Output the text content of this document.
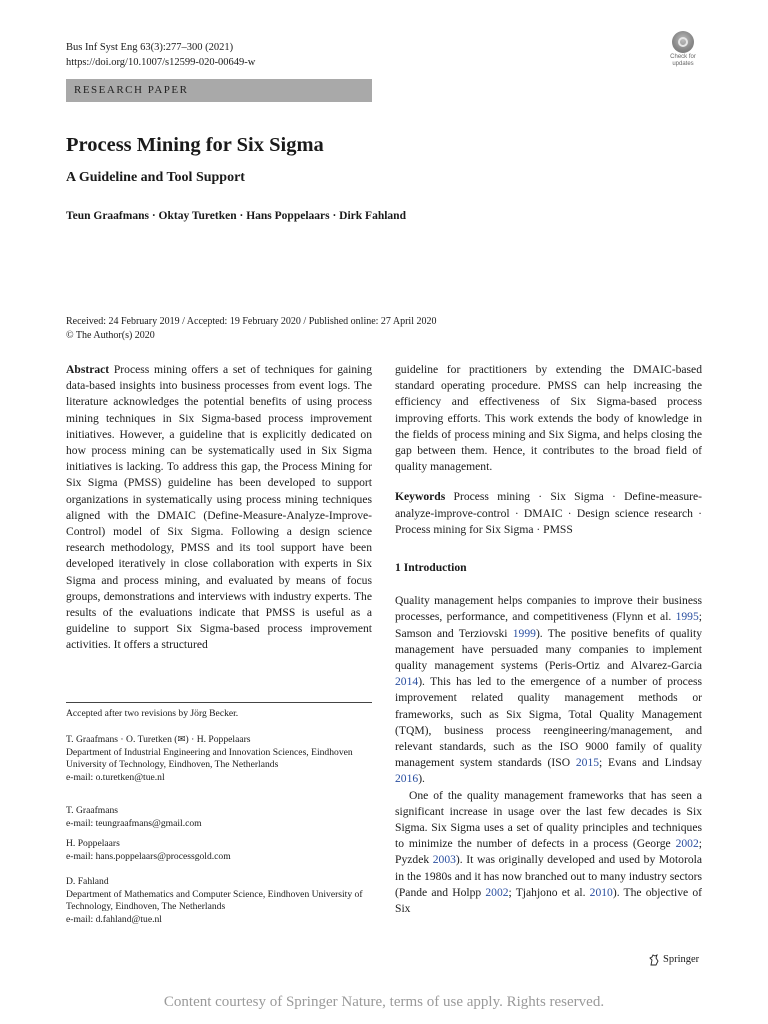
Bus Inf Syst Eng 63(3):277–300 (2021)
https://doi.org/10.1007/s12599-020-00649-w	Check for
updates
RESEARCH PAPER
Process Mining for Six Sigma
A Guideline and Tool Support
Teun Graafmans · Oktay Turetken · Hans Poppelaars · Dirk Fahland
Received: 24 February 2019 / Accepted: 19 February 2020 / Published online: 27 April 2020
© The Author(s) 2020

Abstract Process mining offers a set of techniques for gaining data-based insights into business processes from event logs. The literature acknowledges the potential benefits of using process mining techniques in Six Sigma-based process improvement initiatives. However, a guideline that is explicitly dedicated on how process mining can be systematically used in Six Sigma initiatives is lacking. To address this gap, the Process Mining for Six Sigma (PMSS) guideline has been developed to support organizations in systematically using process mining techniques aligned with the DMAIC (Define-Measure-Analyze-Improve-Control) model of Six Sigma. Following a design science research methodology, PMSS and its tool support have been developed iteratively in close collaboration with experts in Six Sigma and process mining, and evaluated by means of focus groups, demonstrations and interviews with industry experts. The results of the evaluations indicate that PMSS is useful as a guideline to support Six Sigma-based process improvement activities. It offers a structured

guideline for practitioners by extending the DMAIC-based standard operating procedure. PMSS can help increasing the efficiency and effectiveness of Six Sigma-based process improving efforts. This work extends the body of knowledge in the fields of process mining and Six Sigma, and helps closing the gap between them. Hence, it contributes to the broad field of quality management.

Keywords Process mining · Six Sigma · Define-measure-analyze-improve-control · DMAIC · Design science research · Process mining for Six Sigma · PMSS

1 Introduction

Quality management helps companies to improve their business processes, performance, and competitiveness (Flynn et al. 1995; Samson and Terziovski 1999). The positive benefits of quality management have persuaded many companies to implement quality management systems (Peris-Ortiz and Alvarez-Garcia 2014). This has led to the emergence of a number of process improvement related quality management methods or frameworks, such as Six Sigma, Total Quality Management (TQM), business process reengineering/management, and relevant standards, such as the ISO 9000 family of quality management system standards (ISO 2015; Evans and Lindsay 2016).

One of the quality management frameworks that has seen a significant increase in usage over the last few decades is Six Sigma. Six Sigma uses a set of quality principles and techniques to minimize the number of defects in a process (George 2002; Pyzdek 2003). It was originally developed and used by Motorola in the 1980s and it has now branched out to many industry sectors (Pande and Holpp 2002; Tjahjono et al. 2010). The objective of Six

Accepted after two revisions by Jörg Becker.
T. Graafmans · O. Turetken (✉) · H. Poppelaars
Department of Industrial Engineering and Innovation Sciences, Eindhoven University of Technology, Eindhoven, The Netherlands
e-mail: o.turetken@tue.nl
T. Graafmans
e-mail: teungraafmans@gmail.com
H. Poppelaars
e-mail: hans.poppelaars@processgold.com
D. Fahland
Department of Mathematics and Computer Science, Eindhoven University of Technology, Eindhoven, The Netherlands
e-mail: d.fahland@tue.nl
Springer
Content courtesy of Springer Nature, terms of use apply. Rights reserved.
